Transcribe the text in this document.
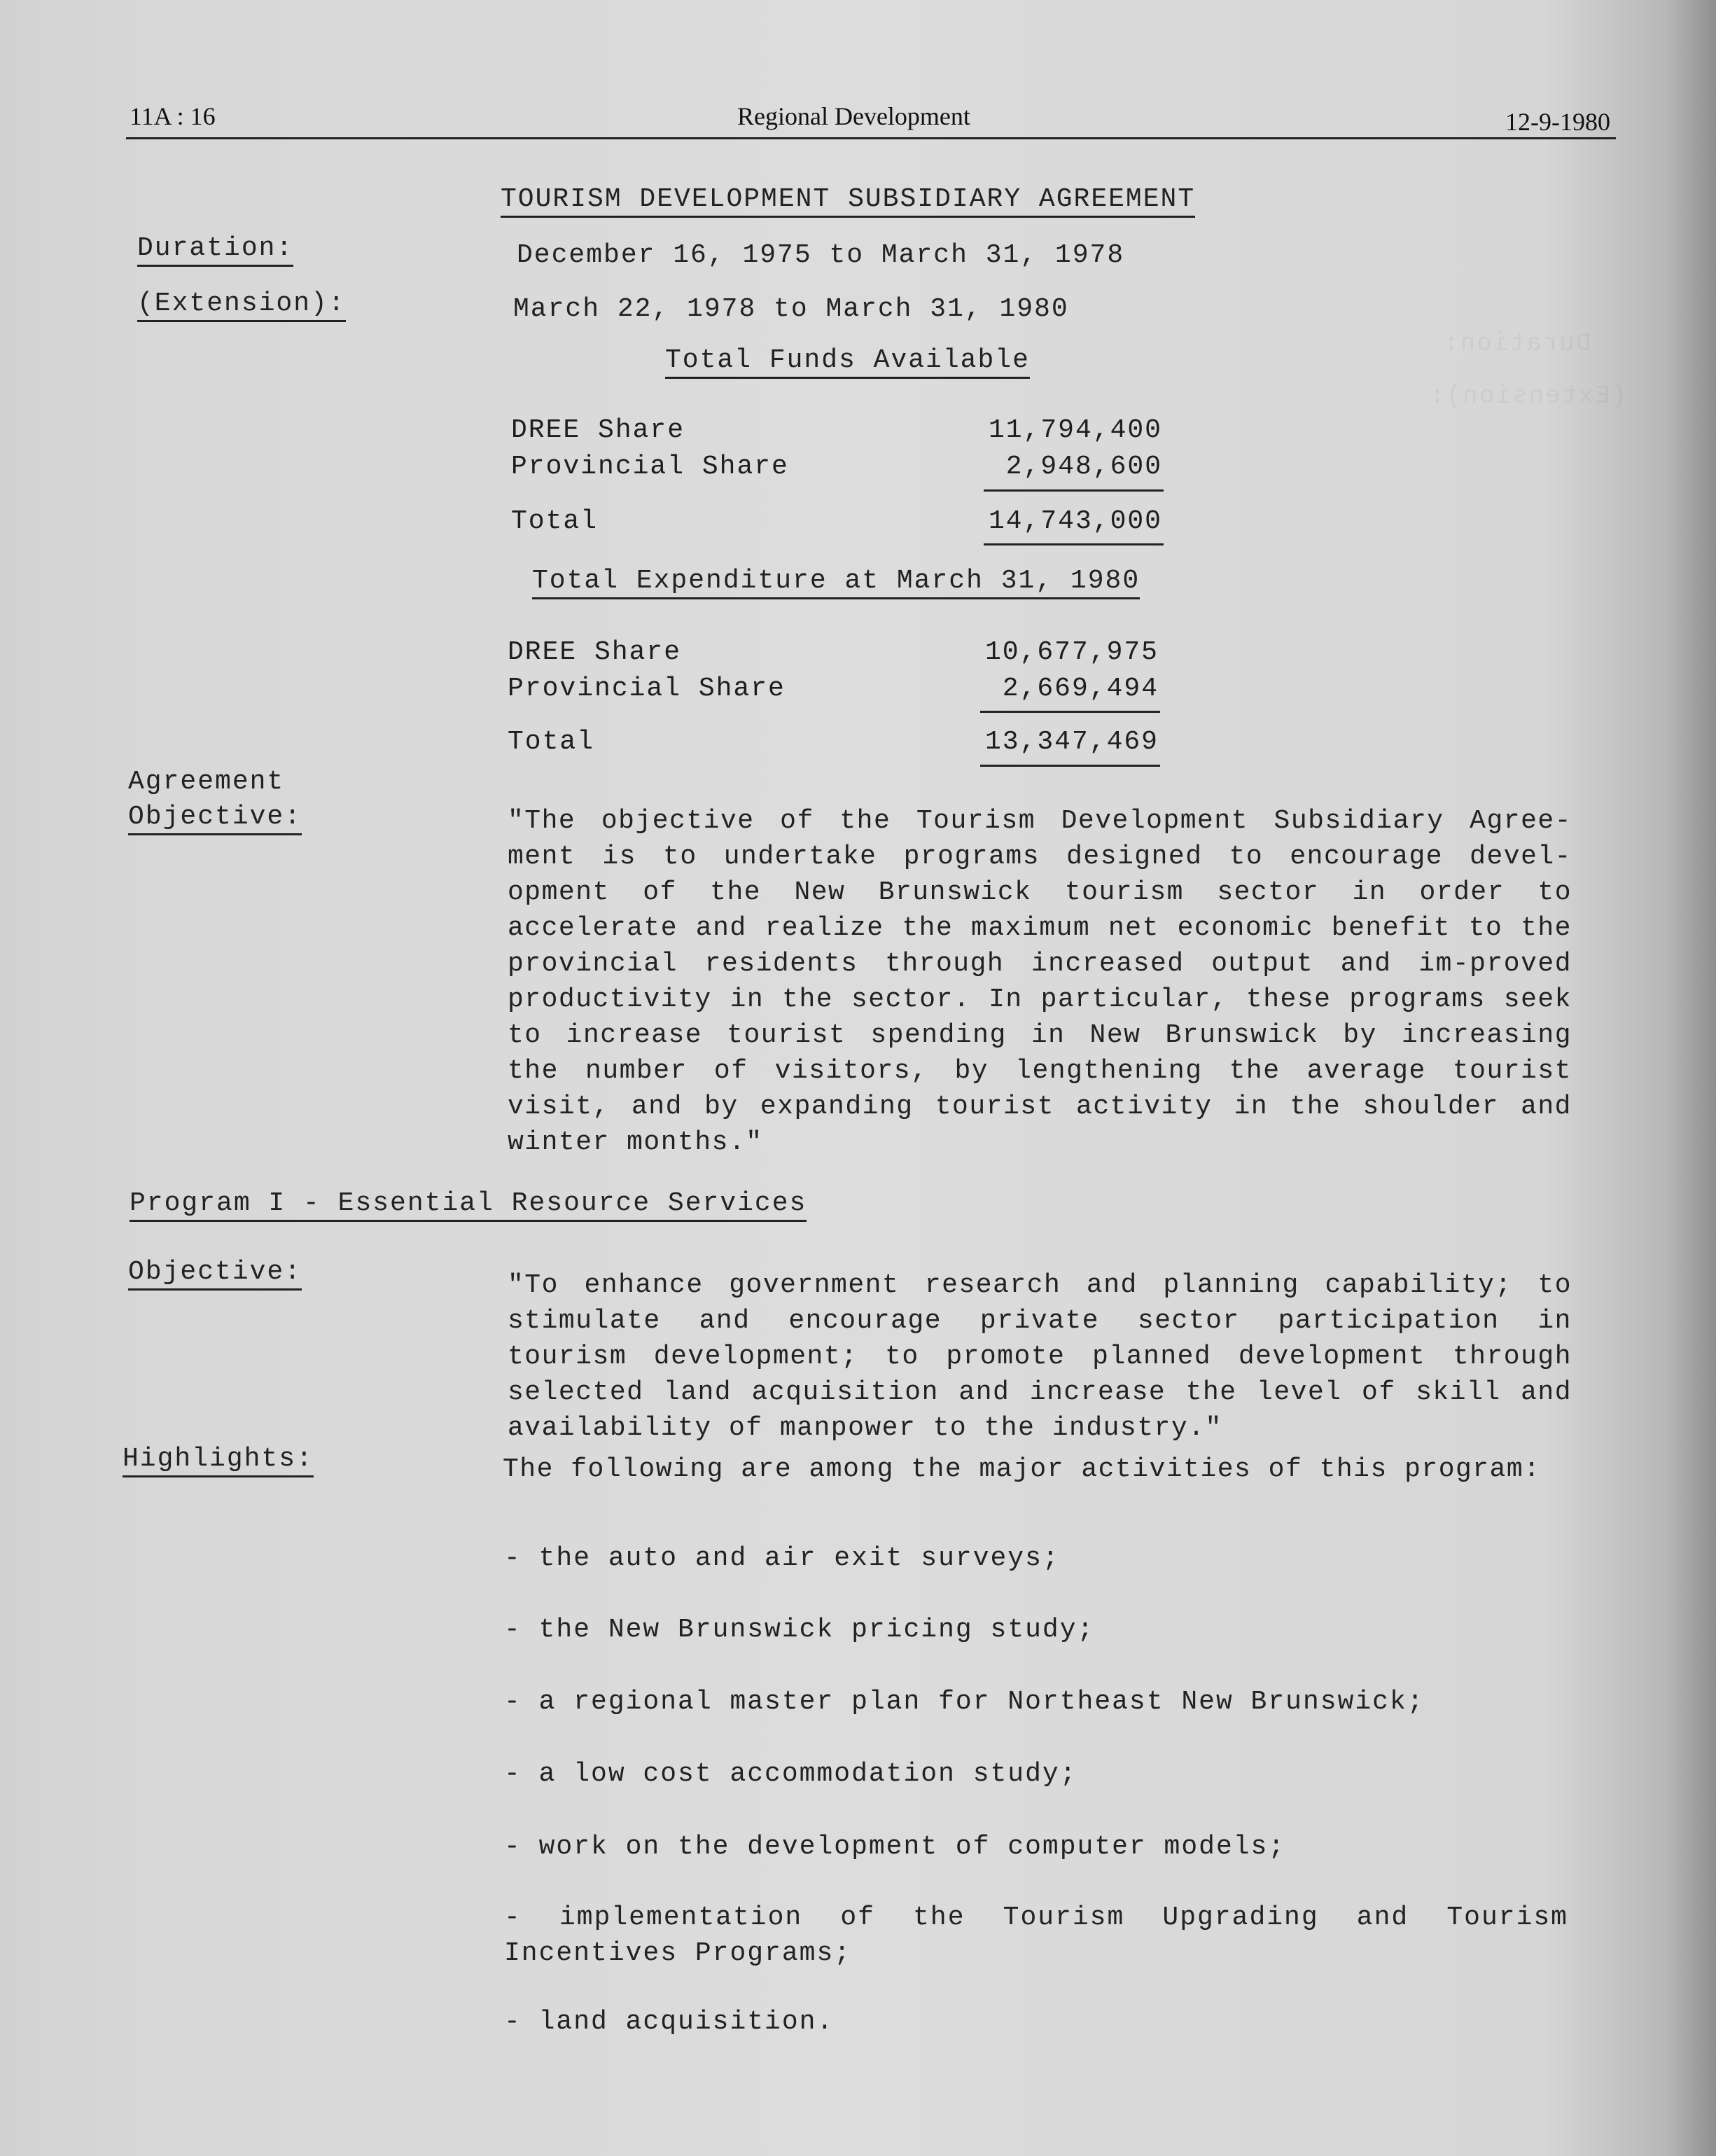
11A : 16	Regional Development	12-9-1980
TOURISM DEVELOPMENT SUBSIDIARY AGREEMENT
Duration:	December 16, 1975 to March 31, 1978
(Extension):	March 22, 1978 to March 31, 1980
Total Funds Available
DREE Share	11,794,400
Provincial Share	2,948,600
Total	14,743,000
Total Expenditure at March 31, 1980
DREE Share	10,677,975
Provincial Share	2,669,494
Total	13,347,469
Agreement
Objective:	"The objective of the Tourism Development Subsidiary Agree-ment is to undertake programs designed to encourage devel-opment of the New Brunswick tourism sector in order to accelerate and realize the maximum net economic benefit to the provincial residents through increased output and im-proved productivity in the sector. In particular, these programs seek to increase tourist spending in New Brunswick by increasing the number of visitors, by lengthening the average tourist visit, and by expanding tourist activity in the shoulder and winter months."
Program I - Essential Resource Services
Objective:	"To enhance government research and planning capability; to stimulate and encourage private sector participation in tourism development; to promote planned development through selected land acquisition and increase the level of skill and availability of manpower to the industry."
Highlights:	The following are among the major activities of this program:
- the auto and air exit surveys;
- the New Brunswick pricing study;
- a regional master plan for Northeast New Brunswick;
- a low cost accommodation study;
- work on the development of computer models;
- implementation of the Tourism Upgrading and Tourism Incentives Programs;
- land acquisition.
